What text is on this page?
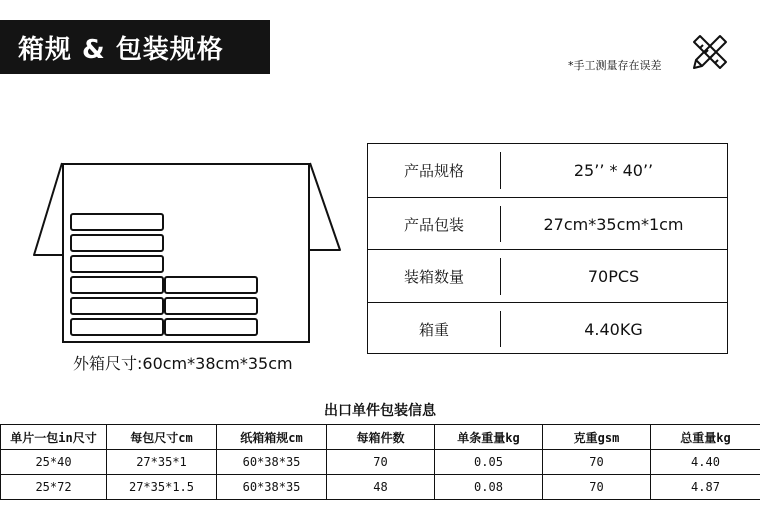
箱规 & 包装规格
*手工测量存在误差
外箱尺寸:60cm*38cm*35cm
产品规格	25’’ * 40’’
产品包装	27cm*35cm*1cm
装箱数量	70PCS
箱重	4.40KG
出口单件包装信息
单片一包in尺寸	每包尺寸cm	纸箱箱规cm	每箱件数	单条重量kg	克重gsm	总重量kg
25*40	27*35*1	60*38*35	70	0.05	70	4.40
25*72	27*35*1.5	60*38*35	48	0.08	70	4.87
